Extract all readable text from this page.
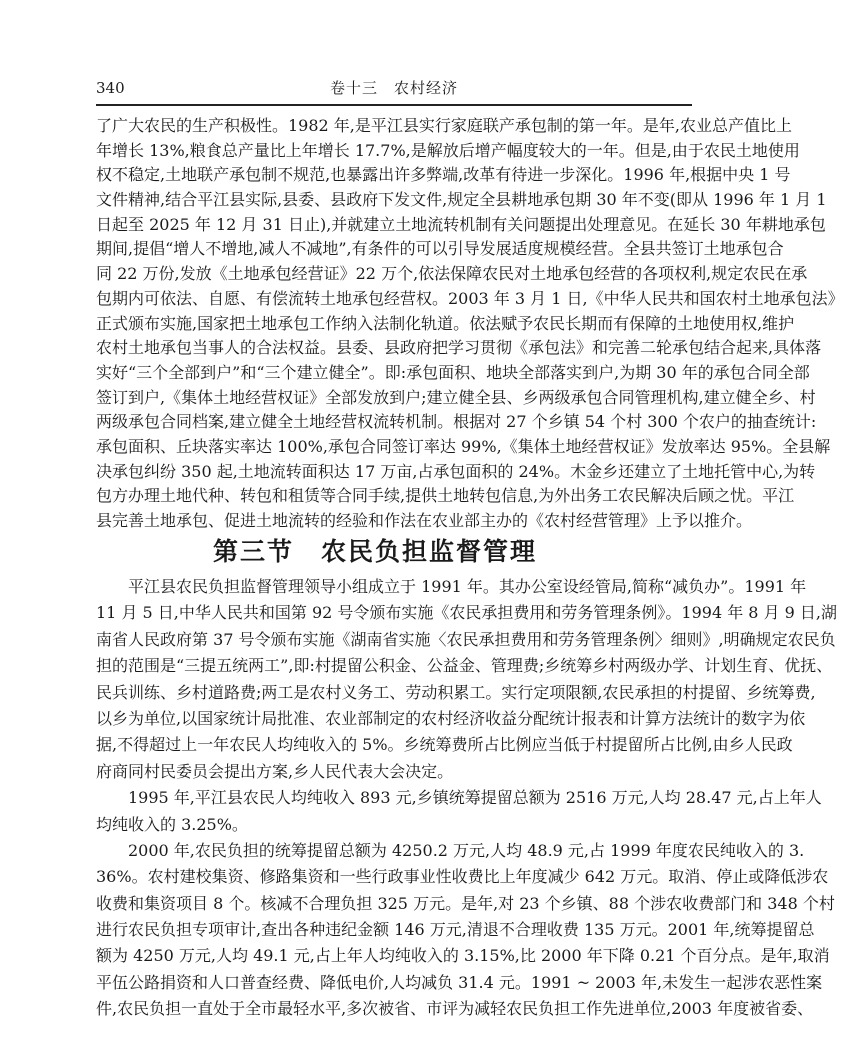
340	卷十三　农村经济
了广大农民的生产积极性。1982 年,是平江县实行家庭联产承包制的第一年。是年,农业总产值比上
年增长 13%,粮食总产量比上年增长 17.7%,是解放后增产幅度较大的一年。但是,由于农民土地使用
权不稳定,土地联产承包制不规范,也暴露出许多弊端,改革有待进一步深化。1996 年,根据中央 1 号
文件精神,结合平江县实际,县委、县政府下发文件,规定全县耕地承包期 30 年不变(即从 1996 年 1 月 1
日起至 2025 年 12 月 31 日止),并就建立土地流转机制有关问题提出处理意见。在延长 30 年耕地承包
期间,提倡“增人不增地,减人不减地”,有条件的可以引导发展适度规模经营。全县共签订土地承包合
同 22 万份,发放《土地承包经营证》22 万个,依法保障农民对土地承包经营的各项权利,规定农民在承
包期内可依法、自愿、有偿流转土地承包经营权。2003 年 3 月 1 日,《中华人民共和国农村土地承包法》
正式颁布实施,国家把土地承包工作纳入法制化轨道。依法赋予农民长期而有保障的土地使用权,维护
农村土地承包当事人的合法权益。县委、县政府把学习贯彻《承包法》和完善二轮承包结合起来,具体落
实好“三个全部到户”和“三个建立健全”。即:承包面积、地块全部落实到户,为期 30 年的承包合同全部
签订到户,《集体土地经营权证》全部发放到户;建立健全县、乡两级承包合同管理机构,建立健全乡、村
两级承包合同档案,建立健全土地经营权流转机制。根据对 27 个乡镇 54 个村 300 个农户的抽查统计:
承包面积、丘块落实率达 100%,承包合同签订率达 99%,《集体土地经营权证》发放率达 95%。全县解
决承包纠纷 350 起,土地流转面积达 17 万亩,占承包面积的 24%。木金乡还建立了土地托管中心,为转
包方办理土地代种、转包和租赁等合同手续,提供土地转包信息,为外出务工农民解决后顾之忧。平江
县完善土地承包、促进土地流转的经验和作法在农业部主办的《农村经营管理》上予以推介。
第三节　农民负担监督管理
平江县农民负担监督管理领导小组成立于 1991 年。其办公室设经管局,简称“减负办”。1991 年
11 月 5 日,中华人民共和国第 92 号令颁布实施《农民承担费用和劳务管理条例》。1994 年 8 月 9 日,湖
南省人民政府第 37 号令颁布实施《湖南省实施〈农民承担费用和劳务管理条例〉细则》,明确规定农民负
担的范围是“三提五统两工”,即:村提留公积金、公益金、管理费;乡统筹乡村两级办学、计划生育、优抚、
民兵训练、乡村道路费;两工是农村义务工、劳动积累工。实行定项限额,农民承担的村提留、乡统筹费,
以乡为单位,以国家统计局批准、农业部制定的农村经济收益分配统计报表和计算方法统计的数字为依
据,不得超过上一年农民人均纯收入的 5%。乡统筹费所占比例应当低于村提留所占比例,由乡人民政
府商同村民委员会提出方案,乡人民代表大会决定。
1995 年,平江县农民人均纯收入 893 元,乡镇统筹提留总额为 2516 万元,人均 28.47 元,占上年人
均纯收入的 3.25%。
2000 年,农民负担的统筹提留总额为 4250.2 万元,人均 48.9 元,占 1999 年度农民纯收入的 3.
36%。农村建校集资、修路集资和一些行政事业性收费比上年度减少 642 万元。取消、停止或降低涉农
收费和集资项目 8 个。核减不合理负担 325 万元。是年,对 23 个乡镇、88 个涉农收费部门和 348 个村
进行农民负担专项审计,查出各种违纪金额 146 万元,清退不合理收费 135 万元。2001 年,统筹提留总
额为 4250 万元,人均 49.1 元,占上年人均纯收入的 3.15%,比 2000 年下降 0.21 个百分点。是年,取消
平伍公路捐资和人口普查经费、降低电价,人均减负 31.4 元。1991 ~ 2003 年,未发生一起涉农恶性案
件,农民负担一直处于全市最轻水平,多次被省、市评为减轻农民负担工作先进单位,2003 年度被省委、
